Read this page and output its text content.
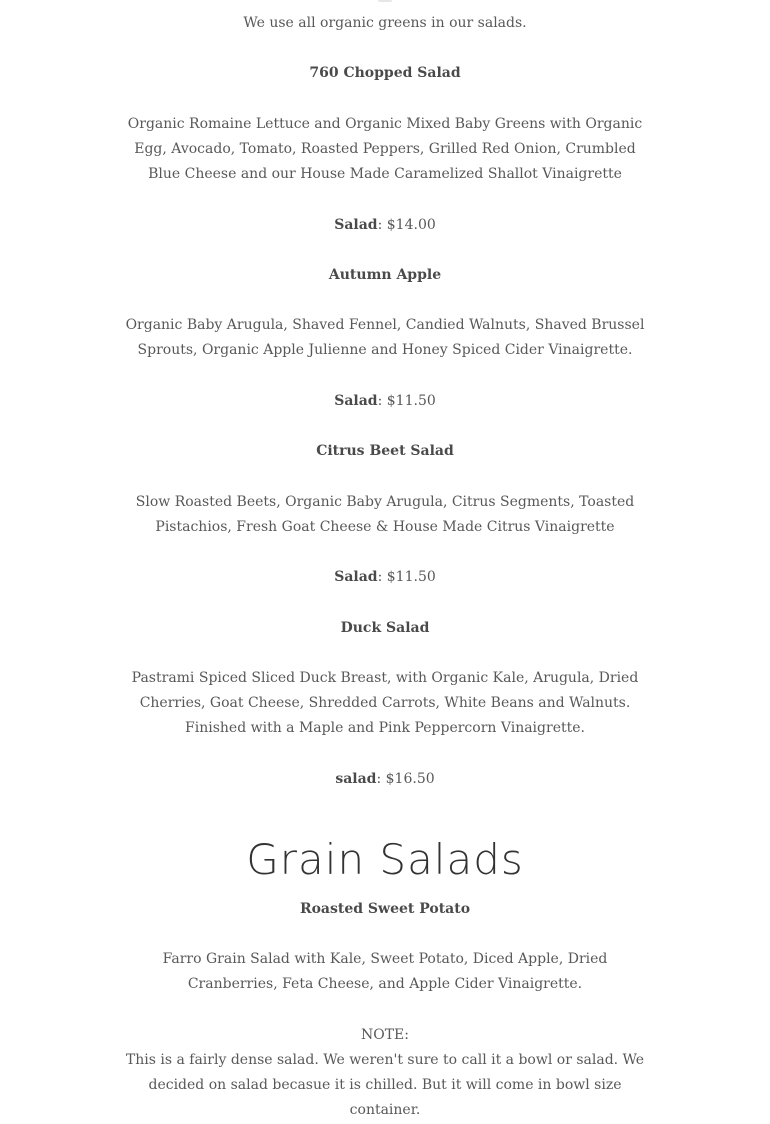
We use all organic greens in our salads.

760 Chopped Salad

Organic Romaine Lettuce and Organic Mixed Baby Greens with Organic Egg, Avocado, Tomato, Roasted Peppers, Grilled Red Onion, Crumbled Blue Cheese and our House Made Caramelized Shallot Vinaigrette

Salad: $14.00

Autumn Apple

Organic Baby Arugula, Shaved Fennel, Candied Walnuts, Shaved Brussel Sprouts, Organic Apple Julienne and Honey Spiced Cider Vinaigrette.

Salad: $11.50

Citrus Beet Salad

Slow Roasted Beets, Organic Baby Arugula, Citrus Segments, Toasted Pistachios, Fresh Goat Cheese & House Made Citrus Vinaigrette

Salad: $11.50

Duck Salad

Pastrami Spiced Sliced Duck Breast, with Organic Kale, Arugula, Dried Cherries, Goat Cheese, Shredded Carrots, White Beans and Walnuts. Finished with a Maple and Pink Peppercorn Vinaigrette.

salad: $16.50

Grain Salads

Roasted Sweet Potato

Farro Grain Salad with Kale, Sweet Potato, Diced Apple, Dried Cranberries, Feta Cheese, and Apple Cider Vinaigrette.

NOTE:

This is a fairly dense salad. We weren't sure to call it a bowl or salad. We decided on salad becasue it is chilled. But it will come in bowl size container.
